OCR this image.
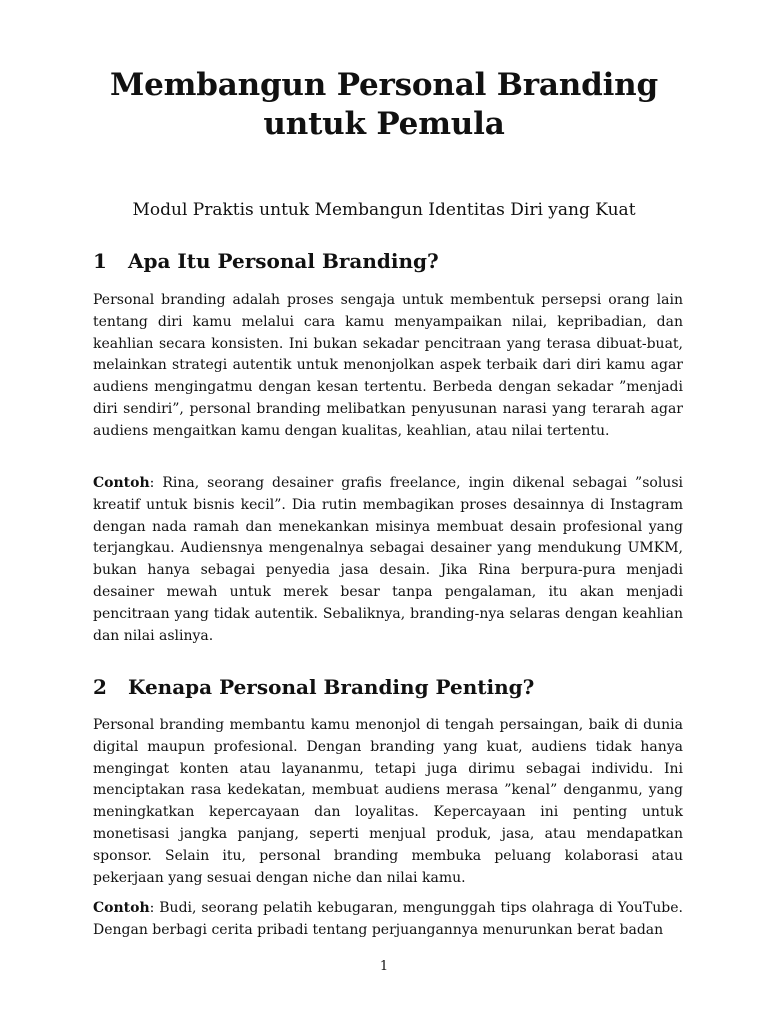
Membangun Personal Branding untuk Pemula

Modul Praktis untuk Membangun Identitas Diri yang Kuat

1 Apa Itu Personal Branding?

Personal branding adalah proses sengaja untuk membentuk persepsi orang lain tentang diri kamu melalui cara kamu menyampaikan nilai, kepribadian, dan keahlian secara konsisten. Ini bukan sekadar pencitraan yang terasa dibuat-buat, melainkan strategi autentik untuk menonjolkan aspek terbaik dari diri kamu agar audiens mengingatmu dengan kesan tertentu. Berbeda dengan sekadar ”menjadi diri sendiri”, personal branding melibatkan penyusunan narasi yang terarah agar audiens mengaitkan kamu dengan kualitas, keahlian, atau nilai tertentu.

Contoh: Rina, seorang desainer grafis freelance, ingin dikenal sebagai ”solusi kreatif untuk bisnis kecil”. Dia rutin membagikan proses desainnya di Instagram dengan nada ramah dan menekankan misinya membuat desain profesional yang terjangkau. Audiensnya mengenalnya sebagai desainer yang mendukung UMKM, bukan hanya sebagai penyedia jasa desain. Jika Rina berpura-pura menjadi desainer mewah untuk merek besar tanpa pengalaman, itu akan menjadi pencitraan yang tidak autentik. Sebaliknya, branding-nya selaras dengan keahlian dan nilai aslinya.

2 Kenapa Personal Branding Penting?

Personal branding membantu kamu menonjol di tengah persaingan, baik di dunia digital maupun profesional. Dengan branding yang kuat, audiens tidak hanya mengingat konten atau layananmu, tetapi juga dirimu sebagai individu. Ini menciptakan rasa kedekatan, membuat audiens merasa ”kenal” denganmu, yang meningkatkan kepercayaan dan loyalitas. Kepercayaan ini penting untuk monetisasi jangka panjang, seperti menjual produk, jasa, atau mendapatkan sponsor. Selain itu, personal branding membuka peluang kolaborasi atau pekerjaan yang sesuai dengan niche dan nilai kamu.

Contoh: Budi, seorang pelatih kebugaran, mengunggah tips olahraga di YouTube. Dengan berbagi cerita pribadi tentang perjuangannya menurunkan berat badan

1
